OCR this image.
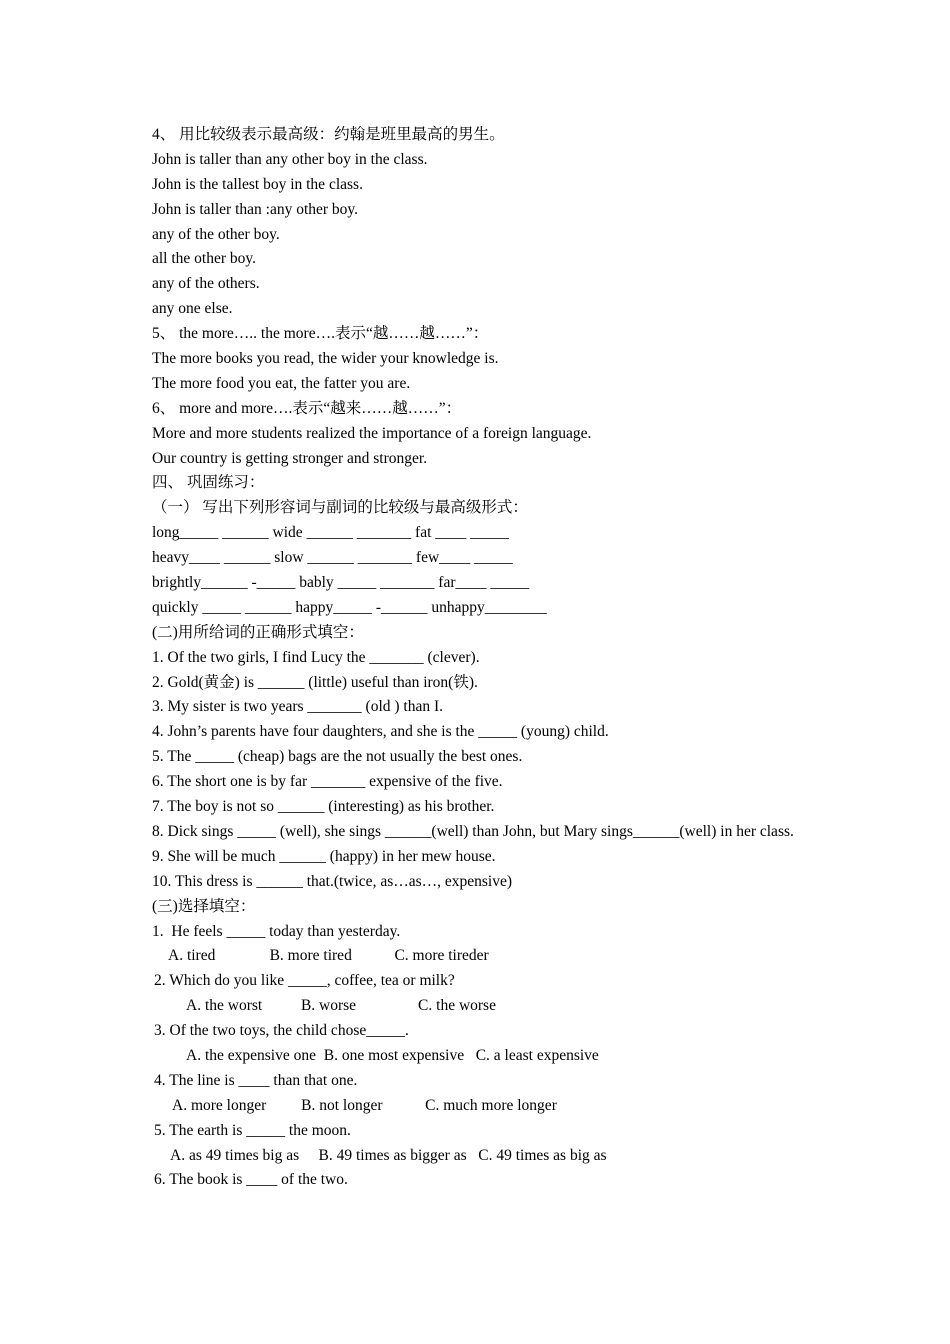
4、 用比较级表示最高级：约翰是班里最高的男生。
John is taller than any other boy in the class.
John is the tallest boy in the class.
John is taller than :any other boy.
any of the other boy.
all the other boy.
any of the others.
any one else.
5、 the more….. the more….表示“越……越……”：
The more books you read, the wider your knowledge is.
The more food you eat, the fatter you are.
6、 more and more….表示“越来……越……”：
More and more students realized the importance of a foreign language.
Our country is getting stronger and stronger.
四、 巩固练习：
（一） 写出下列形容词与副词的比较级与最高级形式：
long_____ ______ wide ______ _______ fat ____ _____
heavy____ ______ slow ______ _______ few____ _____
brightly______ -_____ bably _____ _______ far____ _____
quickly _____ ______ happy_____ -______ unhappy________
(二)用所给词的正确形式填空：
1. Of the two girls, I find Lucy the _______ (clever).
2. Gold(黄金) is ______ (little) useful than iron(铁).
3. My sister is two years _______ (old ) than I.
4. John’s parents have four daughters, and she is the _____ (young) child.
5. The _____ (cheap) bags are the not usually the best ones.
6. The short one is by far _______ expensive of the five.
7. The boy is not so ______ (interesting) as his brother.
8. Dick sings _____ (well), she sings ______(well) than John, but Mary sings______(well) in her class.
9. She will be much ______ (happy) in her mew house.
10. This dress is ______ that.(twice, as…as…, expensive)
(三)选择填空：
1.  He feels _____ today than yesterday.
A. tired              B. more tired           C. more tireder
2. Which do you like _____, coffee, tea or milk?
A. the worst          B. worse                C. the worse
3. Of the two toys, the child chose_____.
A. the expensive one  B. one most expensive   C. a least expensive
4. The line is ____ than that one.
A. more longer         B. not longer           C. much more longer
5. The earth is _____ the moon.
A. as 49 times big as     B. 49 times as bigger as   C. 49 times as big as
6. The book is ____ of the two.
